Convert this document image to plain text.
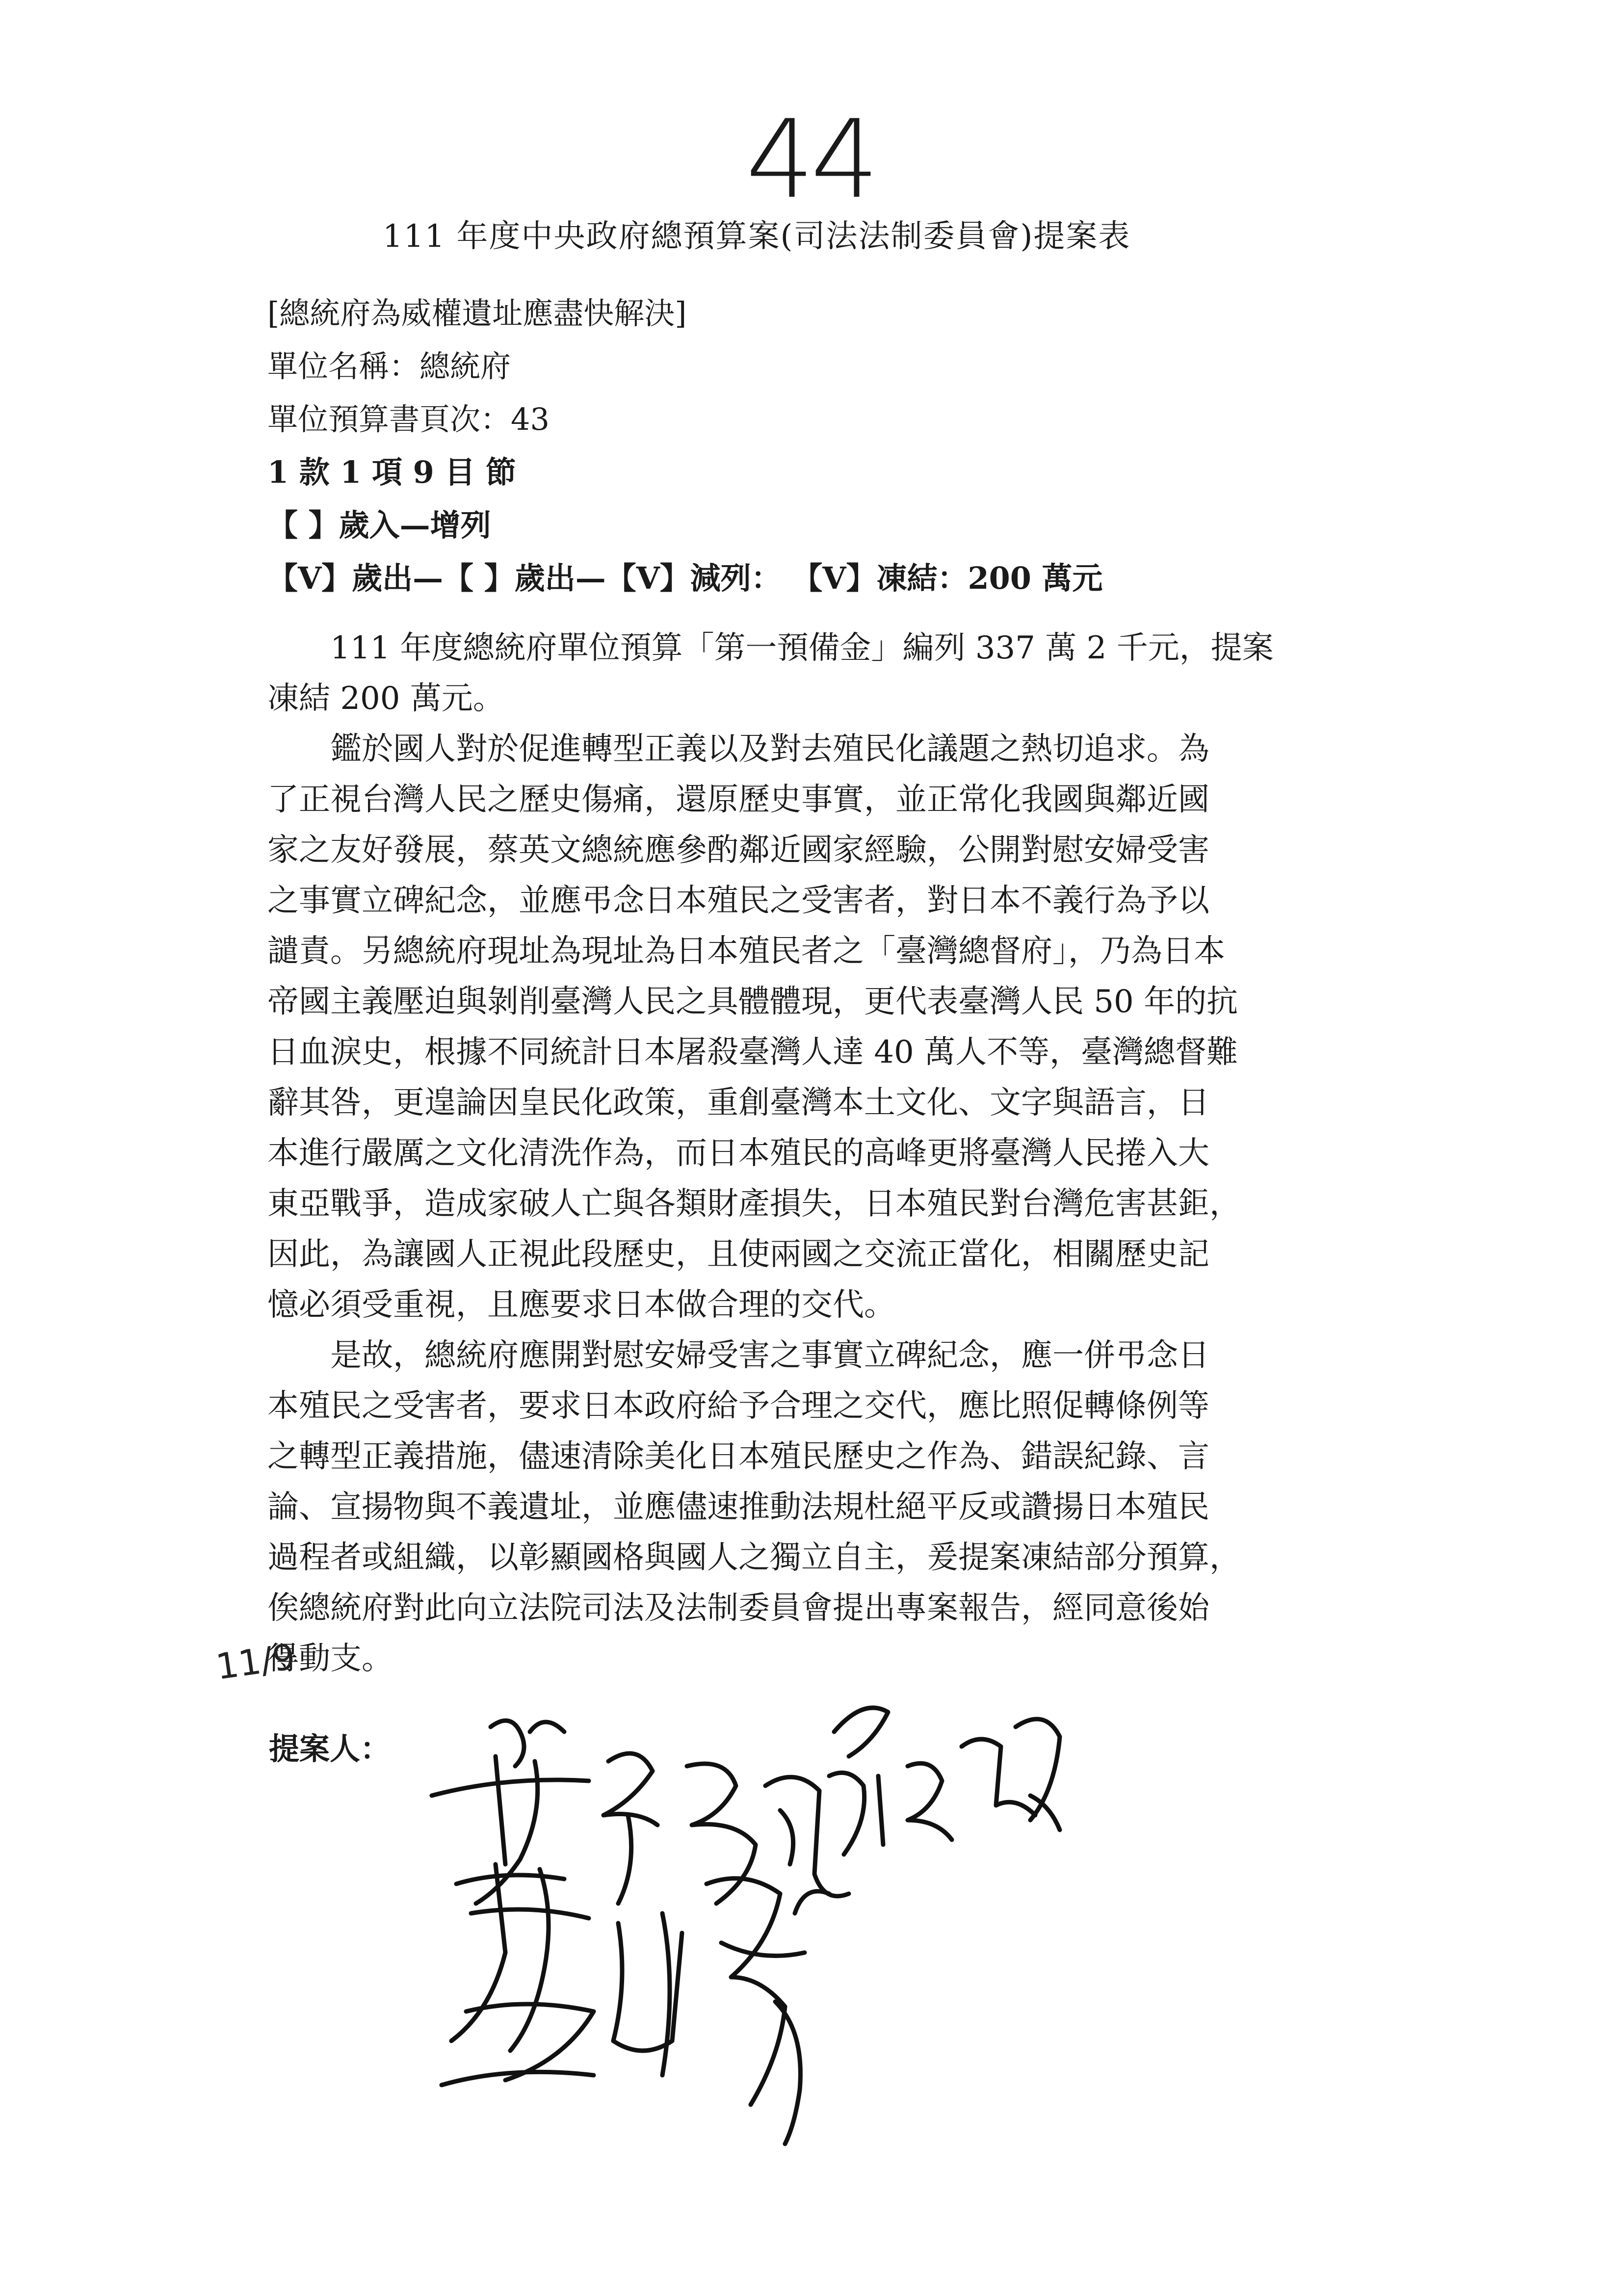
44
111 年度中央政府總預算案(司法法制委員會)提案表
[總統府為威權遺址應盡快解決]
單位名稱：總統府
單位預算書頁次：43
1 款 1 項 9 目 節
【 】歲入—增列
【V】歲出—【 】歲出—【V】減列： 【V】凍結：200 萬元
111 年度總統府單位預算「第一預備金」編列 337 萬 2 千元，提案
凍結 200 萬元。
鑑於國人對於促進轉型正義以及對去殖民化議題之熱切追求。為
了正視台灣人民之歷史傷痛，還原歷史事實，並正常化我國與鄰近國
家之友好發展，蔡英文總統應參酌鄰近國家經驗，公開對慰安婦受害
之事實立碑紀念，並應弔念日本殖民之受害者，對日本不義行為予以
譴責。另總統府現址為現址為日本殖民者之「臺灣總督府」，乃為日本
帝國主義壓迫與剝削臺灣人民之具體體現，更代表臺灣人民 50 年的抗
日血淚史，根據不同統計日本屠殺臺灣人達 40 萬人不等，臺灣總督難
辭其咎，更遑論因皇民化政策，重創臺灣本土文化、文字與語言，日
本進行嚴厲之文化清洗作為，而日本殖民的高峰更將臺灣人民捲入大
東亞戰爭，造成家破人亡與各類財產損失，日本殖民對台灣危害甚鉅，
因此，為讓國人正視此段歷史，且使兩國之交流正當化，相關歷史記
憶必須受重視，且應要求日本做合理的交代。
是故，總統府應開對慰安婦受害之事實立碑紀念，應一併弔念日
本殖民之受害者，要求日本政府給予合理之交代，應比照促轉條例等
之轉型正義措施，儘速清除美化日本殖民歷史之作為、錯誤紀錄、言
論、宣揚物與不義遺址，並應儘速推動法規杜絕平反或讚揚日本殖民
過程者或組織，以彰顯國格與國人之獨立自主，爰提案凍結部分預算，
俟總統府對此向立法院司法及法制委員會提出專案報告，經同意後始
得動支。
11/9
提案人：
